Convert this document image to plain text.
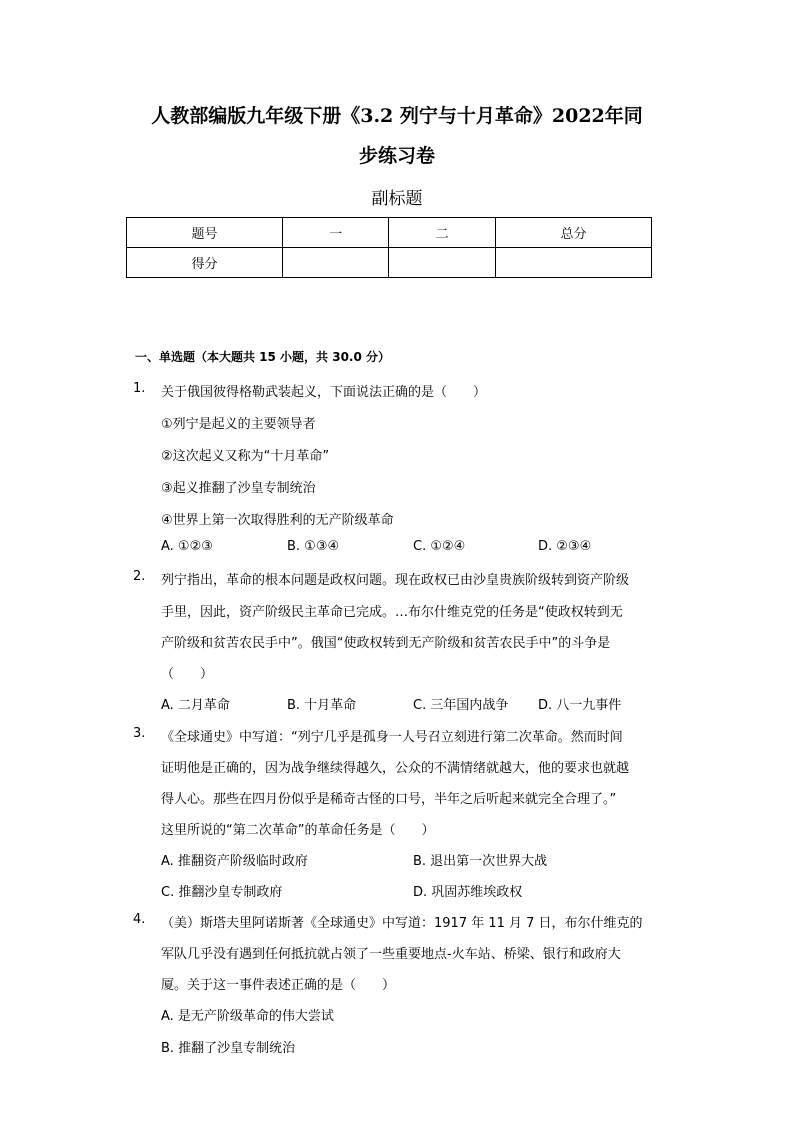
人教部编版九年级下册《3.2 列宁与十月革命》2022年同
步练习卷
副标题
题号	一	二	总分
得分			
一、单选题（本大题共 15 小题，共 30.0 分）
1. 关于俄国彼得格勒武装起义，下面说法正确的是（　　）
①列宁是起义的主要领导者
②这次起义又称为“十月革命”
③起义推翻了沙皇专制统治
④世界上第一次取得胜利的无产阶级革命
A. ①②③	B. ①③④	C. ①②④	D. ②③④
2. 列宁指出，革命的根本问题是政权问题。现在政权已由沙皇贵族阶级转到资产阶级
手里，因此，资产阶级民主革命已完成。…布尔什维克党的任务是“使政权转到无
产阶级和贫苦农民手中”。俄国“使政权转到无产阶级和贫苦农民手中”的斗争是
（　　）
A. 二月革命	B. 十月革命	C. 三年国内战争 D. 八一九事件
3. 《全球通史》中写道：“列宁几乎是孤身一人号召立刻进行第二次革命。然而时间
证明他是正确的，因为战争继续得越久，公众的不满情绪就越大，他的要求也就越
得人心。那些在四月份似乎是稀奇古怪的口号，半年之后听起来就完全合理了。”
这里所说的“第二次革命”的革命任务是（　　）
A. 推翻资产阶级临时政府	B. 退出第一次世界大战
C. 推翻沙皇专制政府	D. 巩固苏维埃政权
4. （美）斯塔夫里阿诺斯著《全球通史》中写道：1917 年 11 月 7 日，布尔什维克的
军队几乎没有遇到任何抵抗就占领了一些重要地点-火车站、桥梁、银行和政府大
厦。关于这一事件表述正确的是（　　）
A. 是无产阶级革命的伟大尝试
B. 推翻了沙皇专制统治
